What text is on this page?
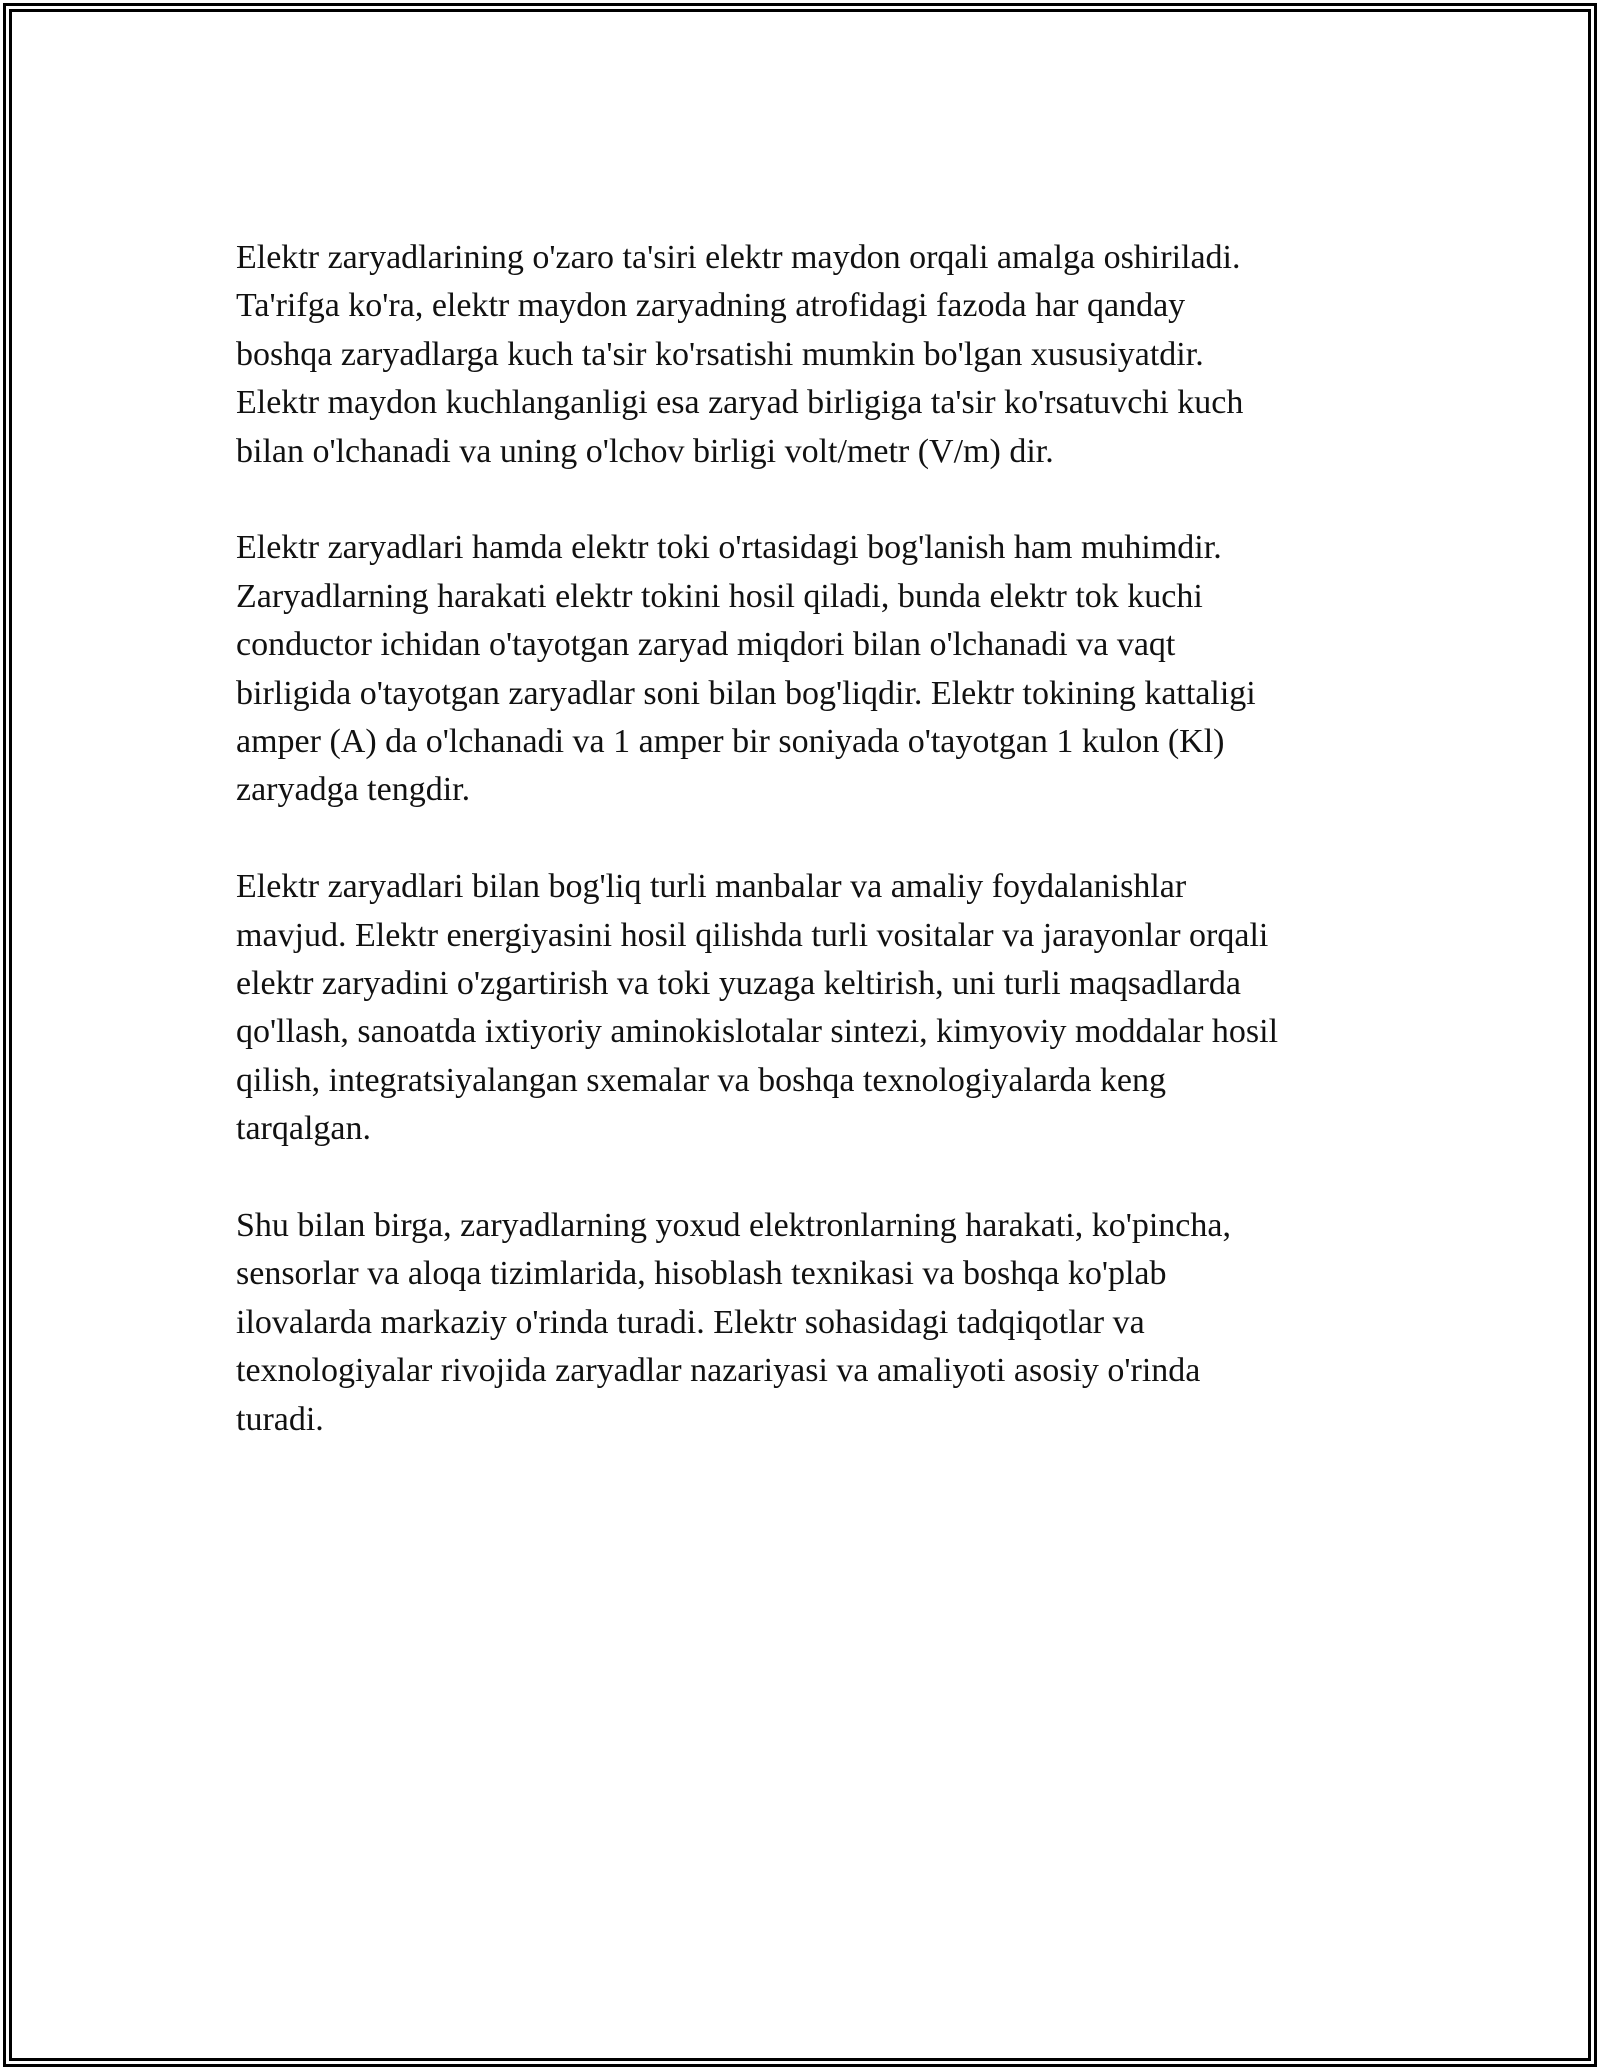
Elektr zaryadlarining o'zaro ta'siri elektr maydon orqali amalga oshiriladi.
Ta'rifga ko'ra, elektr maydon zaryadning atrofidagi fazoda har qanday
boshqa zaryadlarga kuch ta'sir ko'rsatishi mumkin bo'lgan xususiyatdir.
Elektr maydon kuchlanganligi esa zaryad birligiga ta'sir ko'rsatuvchi kuch
bilan o'lchanadi va uning o'lchov birligi volt/metr (V/m) dir.

Elektr zaryadlari hamda elektr toki o'rtasidagi bog'lanish ham muhimdir.
Zaryadlarning harakati elektr tokini hosil qiladi, bunda elektr tok kuchi
conductor ichidan o'tayotgan zaryad miqdori bilan o'lchanadi va vaqt
birligida o'tayotgan zaryadlar soni bilan bog'liqdir. Elektr tokining kattaligi
amper (A) da o'lchanadi va 1 amper bir soniyada o'tayotgan 1 kulon (Kl)
zaryadga tengdir.

Elektr zaryadlari bilan bog'liq turli manbalar va amaliy foydalanishlar
mavjud. Elektr energiyasini hosil qilishda turli vositalar va jarayonlar orqali
elektr zaryadini o'zgartirish va toki yuzaga keltirish, uni turli maqsadlarda
qo'llash, sanoatda ixtiyoriy aminokislotalar sintezi, kimyoviy moddalar hosil
qilish, integratsiyalangan sxemalar va boshqa texnologiyalarda keng
tarqalgan.

Shu bilan birga, zaryadlarning yoxud elektronlarning harakati, ko'pincha,
sensorlar va aloqa tizimlarida, hisoblash texnikasi va boshqa ko'plab
ilovalarda markaziy o'rinda turadi. Elektr sohasidagi tadqiqotlar va
texnologiyalar rivojida zaryadlar nazariyasi va amaliyoti asosiy o'rinda
turadi.
